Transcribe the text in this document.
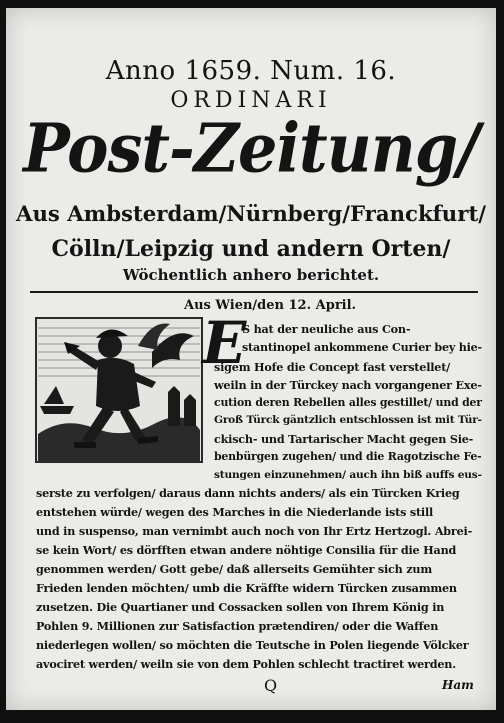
Anno 1659. Num. 16.
ORDINARI
Post-Zeitung/
Aus Ambsterdam/Nürnberg/Franckfurt/
Cölln/Leipzig und andern Orten/
Wöchentlich anhero berichtet.
Aus Wien/den 12. April.
E
S hat der neuliche aus Con-
stantinopel ankommene Curier bey hie-
sigem Hofe die Concept fast verstellet/
weiln in der Türckey nach vorgangener Exe-
cution deren Rebellen alles gestillet/ und der
Groß Türck gäntzlich entschlossen ist mit Tür-
ckisch- und Tartarischer Macht gegen Sie-
benbürgen zugehen/ und die Ragotzische Fe-
stungen einzunehmen/ auch ihn biß auffs eus-
serste zu verfolgen/ daraus dann nichts anders/ als ein Türcken Krieg
entstehen würde/ wegen des Marches in die Niederlande ists still
und in suspenso, man vernimbt auch noch von Ihr Ertz Hertzogl. Abrei-
se kein Wort/ es dörfften etwan andere nöhtige Consilia für die Hand
genommen werden/ Gott gebe/ daß allerseits Gemühter sich zum
Frieden lenden möchten/ umb die Kräffte widern Türcken zusammen
zusetzen. Die Quartianer und Cossacken sollen von Ihrem König in
Pohlen 9. Millionen zur Satisfaction prætendiren/ oder die Waffen
niederlegen wollen/ so möchten die Teutsche in Polen liegende Völcker
avociret werden/ weiln sie von dem Pohlen schlecht tractiret werden.
Q	Ham
